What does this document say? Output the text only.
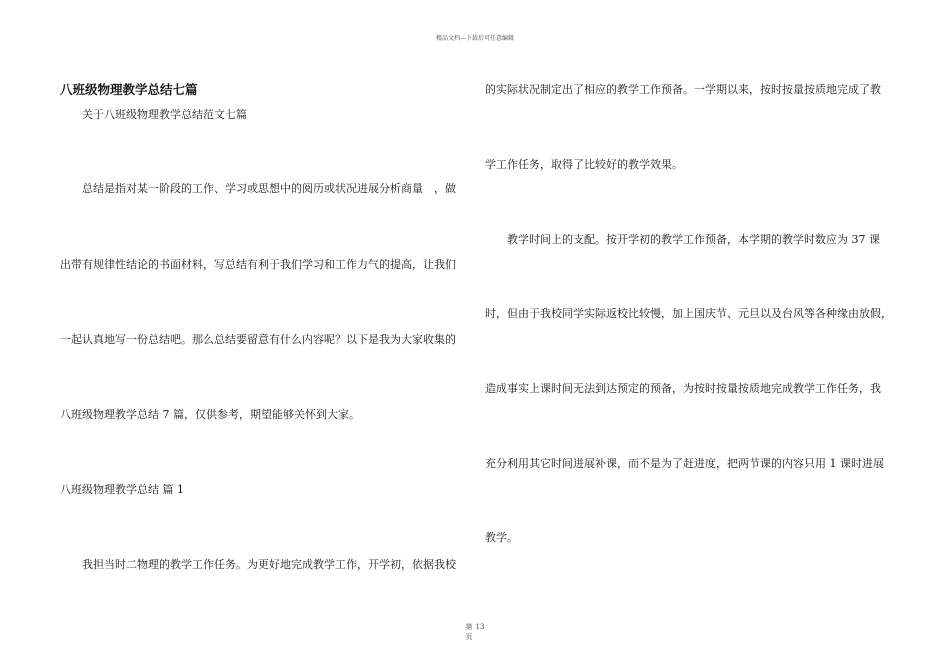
精品文档---下载后可任意编辑
八班级物理教学总结七篇
关于八班级物理教学总结范文七篇
总结是指对某一阶段的工作、学习或思想中的阅历或状况进展分析商量　，做
出带有规律性结论的书面材料，写总结有利于我们学习和工作力气的提高，让我们
一起认真地写一份总结吧。那么总结要留意有什么内容呢？以下是我为大家收集的
八班级物理教学总结 7 篇，仅供参考，期望能够关怀到大家。
八班级物理教学总结 篇 1
我担当时二物理的教学工作任务。为更好地完成教学工作，开学初，依据我校
的实际状况制定出了相应的教学工作预备。一学期以来，按时按量按质地完成了教
学工作任务，取得了比较好的教学效果。
教学时间上的支配。按开学初的教学工作预备，本学期的教学时数应为 37 课
时，但由于我校同学实际返校比较慢，加上国庆节、元旦以及台风等各种缘由放假，
造成事实上课时间无法到达预定的预备，为按时按量按质地完成教学工作任务，我
充分利用其它时间进展补课，而不是为了赶进度，把两节课的内容只用 1 课时进展
教学。
第 13
页
